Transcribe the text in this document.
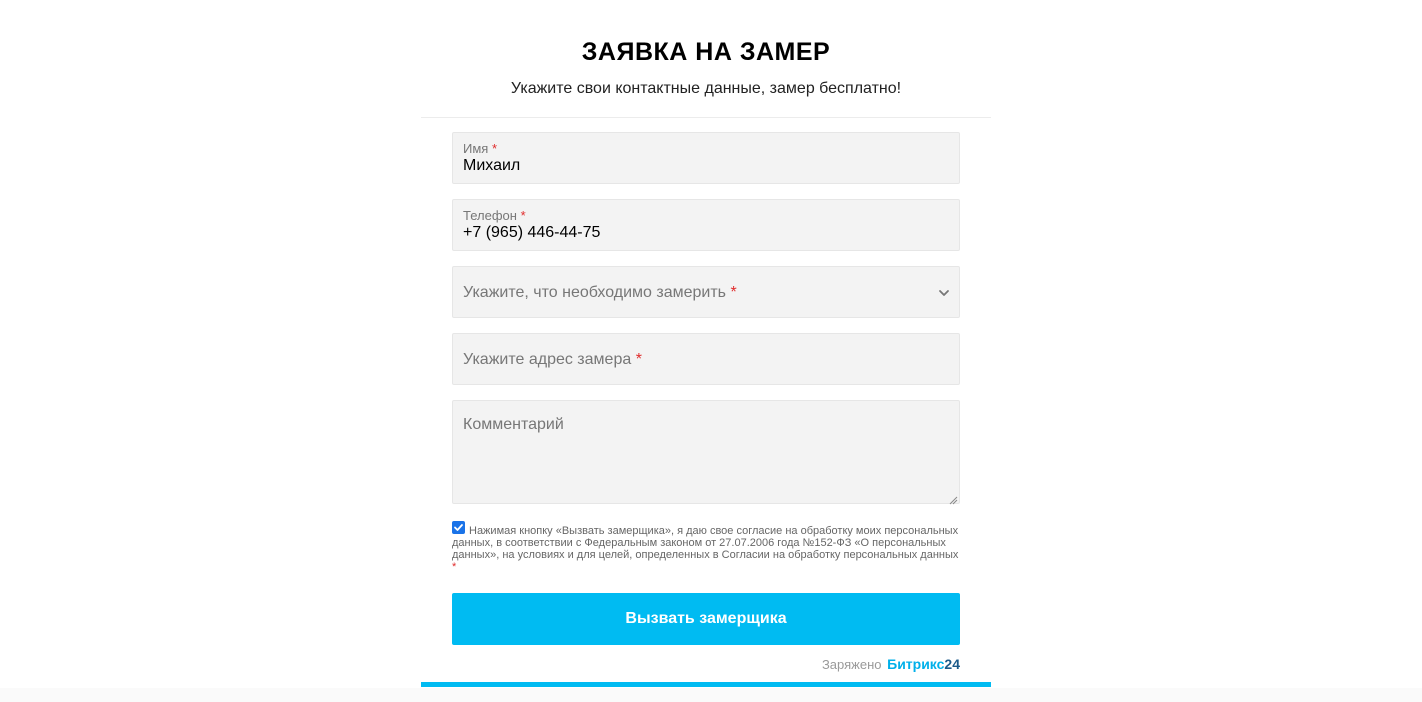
ЗАЯВКА НА ЗАМЕР

Укажите свои контактные данные, замер бесплатно!

Имя *
Михаил
Телефон *
+7 (965) 446-44-75
Укажите, что необходимо замерить *
Укажите адрес замера *
Комментарий

Нажимая кнопку «Вызвать замерщика», я даю свое согласие на обработку моих персональных данных, в соответствии с Федеральным законом от 27.07.2006 года №152-ФЗ «О персональных данных», на условиях и для целей, определенных в Согласии на обработку персональных данных *

Вызвать замерщика
Заряжено Битрикс24
